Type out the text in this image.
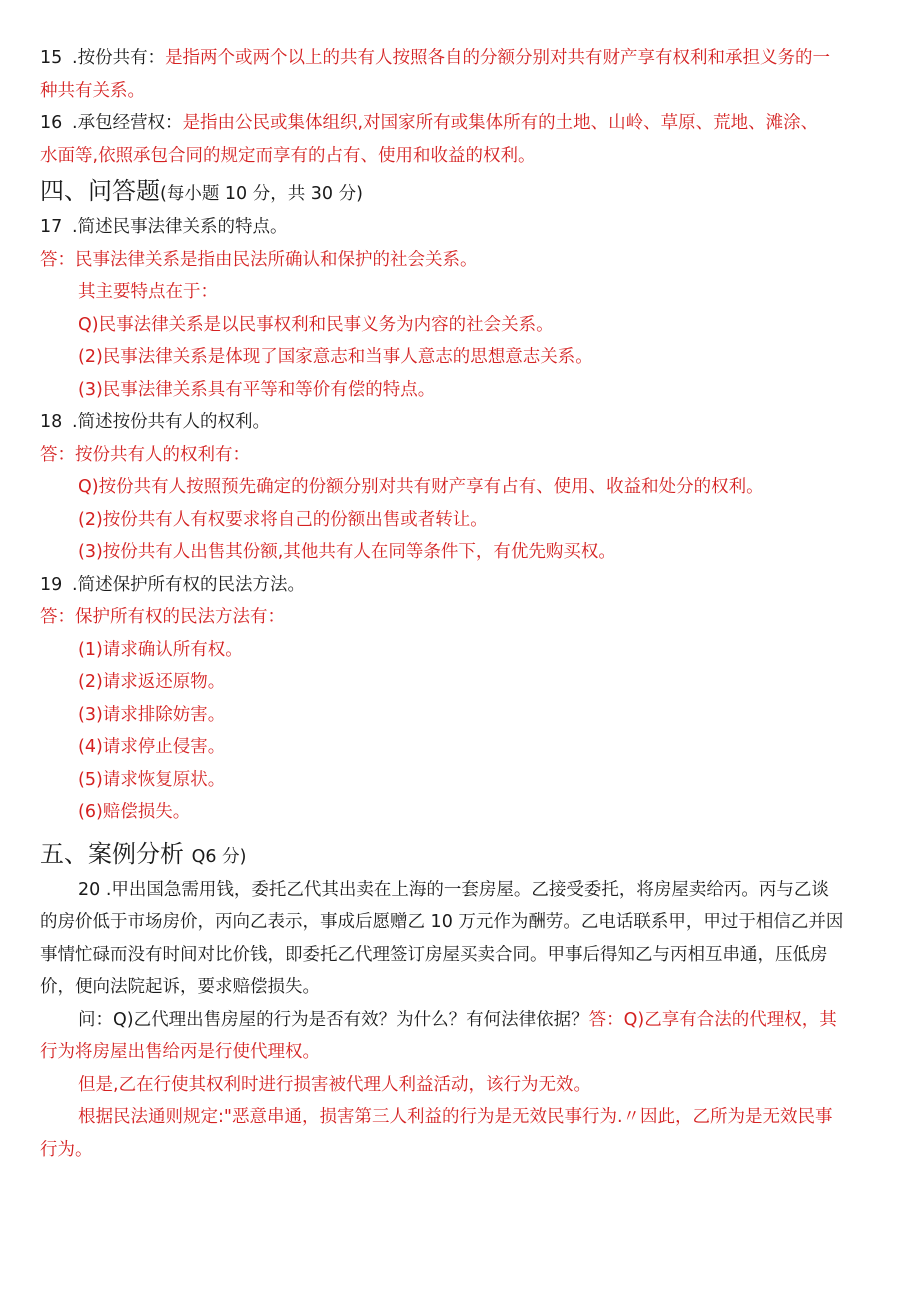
15 .按份共有：是指两个或两个以上的共有人按照各自的分额分别对共有财产享有权利和承担义务的一
种共有关系。
16 .承包经营权：是指由公民或集体组织,对国家所有或集体所有的土地、山岭、草原、荒地、滩涂、
水面等,依照承包合同的规定而享有的占有、使用和收益的权利。
四、问答题(每小题 10 分，共 30 分)
17 .简述民事法律关系的特点。
答：民事法律关系是指由民法所确认和保护的社会关系。
其主要特点在于：
Q)民事法律关系是以民事权利和民事义务为内容的社会关系。
(2)民事法律关系是体现了国家意志和当事人意志的思想意志关系。
(3)民事法律关系具有平等和等价有偿的特点。
18 .简述按份共有人的权利。
答：按份共有人的权利有：
Q)按份共有人按照预先确定的份额分别对共有财产享有占有、使用、收益和处分的权利。
(2)按份共有人有权要求将自己的份额出售或者转让。
(3)按份共有人出售其份额,其他共有人在同等条件下，有优先购买权。
19 .简述保护所有权的民法方法。
答：保护所有权的民法方法有：
(1)请求确认所有权。
(2)请求返还原物。
(3)请求排除妨害。
(4)请求停止侵害。
(5)请求恢复原状。
(6)赔偿损失。
五、案例分析 Q6 分)
20 .甲出国急需用钱，委托乙代其出卖在上海的一套房屋。乙接受委托，将房屋卖给丙。丙与乙谈
的房价低于市场房价，丙向乙表示，事成后愿赠乙 10 万元作为酬劳。乙电话联系甲，甲过于相信乙并因
事情忙碌而没有时间对比价钱，即委托乙代理签订房屋买卖合同。甲事后得知乙与丙相互串通，压低房
价，便向法院起诉，要求赔偿损失。
问：Q)乙代理出售房屋的行为是否有效？为什么？有何法律依据？答：Q)乙享有合法的代理权，其
行为将房屋出售给丙是行使代理权。
但是,乙在行使其权利时进行损害被代理人利益活动，该行为无效。
根据民法通则规定:"恶意串通，损害第三人利益的行为是无效民事行为.〃因此，乙所为是无效民事
行为。
